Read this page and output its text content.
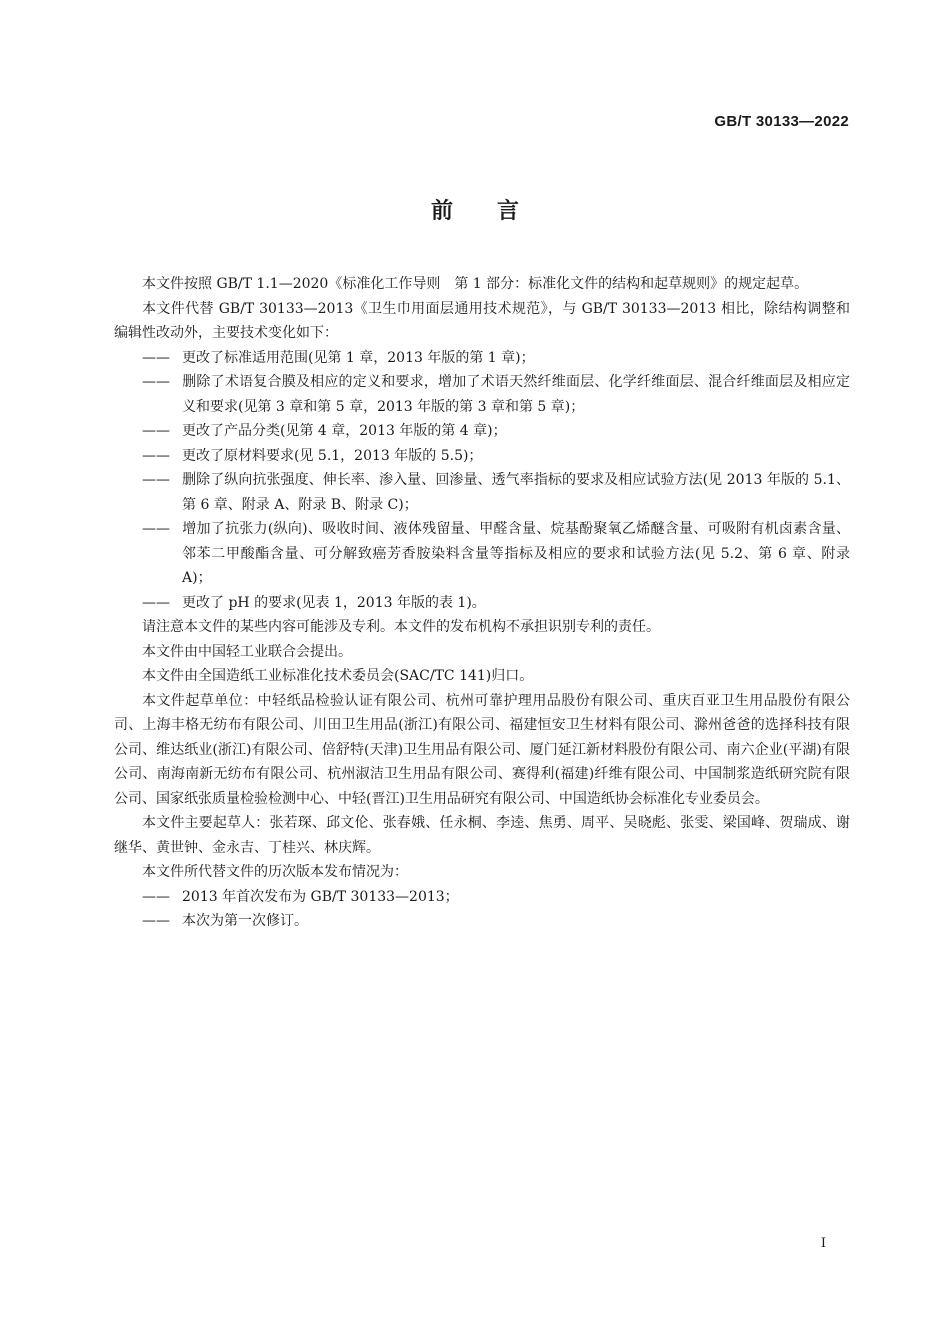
GB/T 30133—2022
前言

本文件按照 GB/T 1.1—2020《标准化工作导则　第 1 部分：标准化文件的结构和起草规则》的规定起草。

本文件代替 GB/T 30133—2013《卫生巾用面层通用技术规范》，与 GB/T 30133—2013 相比，除结构调整和编辑性改动外，主要技术变化如下：

—— 更改了标准适用范围(见第 1 章，2013 年版的第 1 章)；

—— 删除了术语复合膜及相应的定义和要求，增加了术语天然纤维面层、化学纤维面层、混合纤维面层及相应定义和要求(见第 3 章和第 5 章，2013 年版的第 3 章和第 5 章)；

—— 更改了产品分类(见第 4 章，2013 年版的第 4 章)；

—— 更改了原材料要求(见 5.1，2013 年版的 5.5)；

—— 删除了纵向抗张强度、伸长率、渗入量、回渗量、透气率指标的要求及相应试验方法(见 2013 年版的 5.1、第 6 章、附录 A、附录 B、附录 C)；

—— 增加了抗张力(纵向)、吸收时间、液体残留量、甲醛含量、烷基酚聚氧乙烯醚含量、可吸附有机卤素含量、邻苯二甲酸酯含量、可分解致癌芳香胺染料含量等指标及相应的要求和试验方法(见 5.2、第 6 章、附录 A)；

—— 更改了 pH 的要求(见表 1，2013 年版的表 1)。

请注意本文件的某些内容可能涉及专利。本文件的发布机构不承担识别专利的责任。

本文件由中国轻工业联合会提出。

本文件由全国造纸工业标准化技术委员会(SAC/TC 141)归口。

本文件起草单位：中轻纸品检验认证有限公司、杭州可靠护理用品股份有限公司、重庆百亚卫生用品股份有限公司、上海丰格无纺布有限公司、川田卫生用品(浙江)有限公司、福建恒安卫生材料有限公司、滁州爸爸的选择科技有限公司、维达纸业(浙江)有限公司、倍舒特(天津)卫生用品有限公司、厦门延江新材料股份有限公司、南六企业(平湖)有限公司、南海南新无纺布有限公司、杭州淑洁卫生用品有限公司、赛得利(福建)纤维有限公司、中国制浆造纸研究院有限公司、国家纸张质量检验检测中心、中轻(晋江)卫生用品研究有限公司、中国造纸协会标准化专业委员会。

本文件主要起草人：张若琛、邱文伦、张春娥、任永桐、李逵、焦勇、周平、吴晓彪、张雯、梁国峰、贺瑞成、谢继华、黄世钟、金永吉、丁桂兴、林庆辉。

本文件所代替文件的历次版本发布情况为：

—— 2013 年首次发布为 GB/T 30133—2013；

—— 本次为第一次修订。

I
